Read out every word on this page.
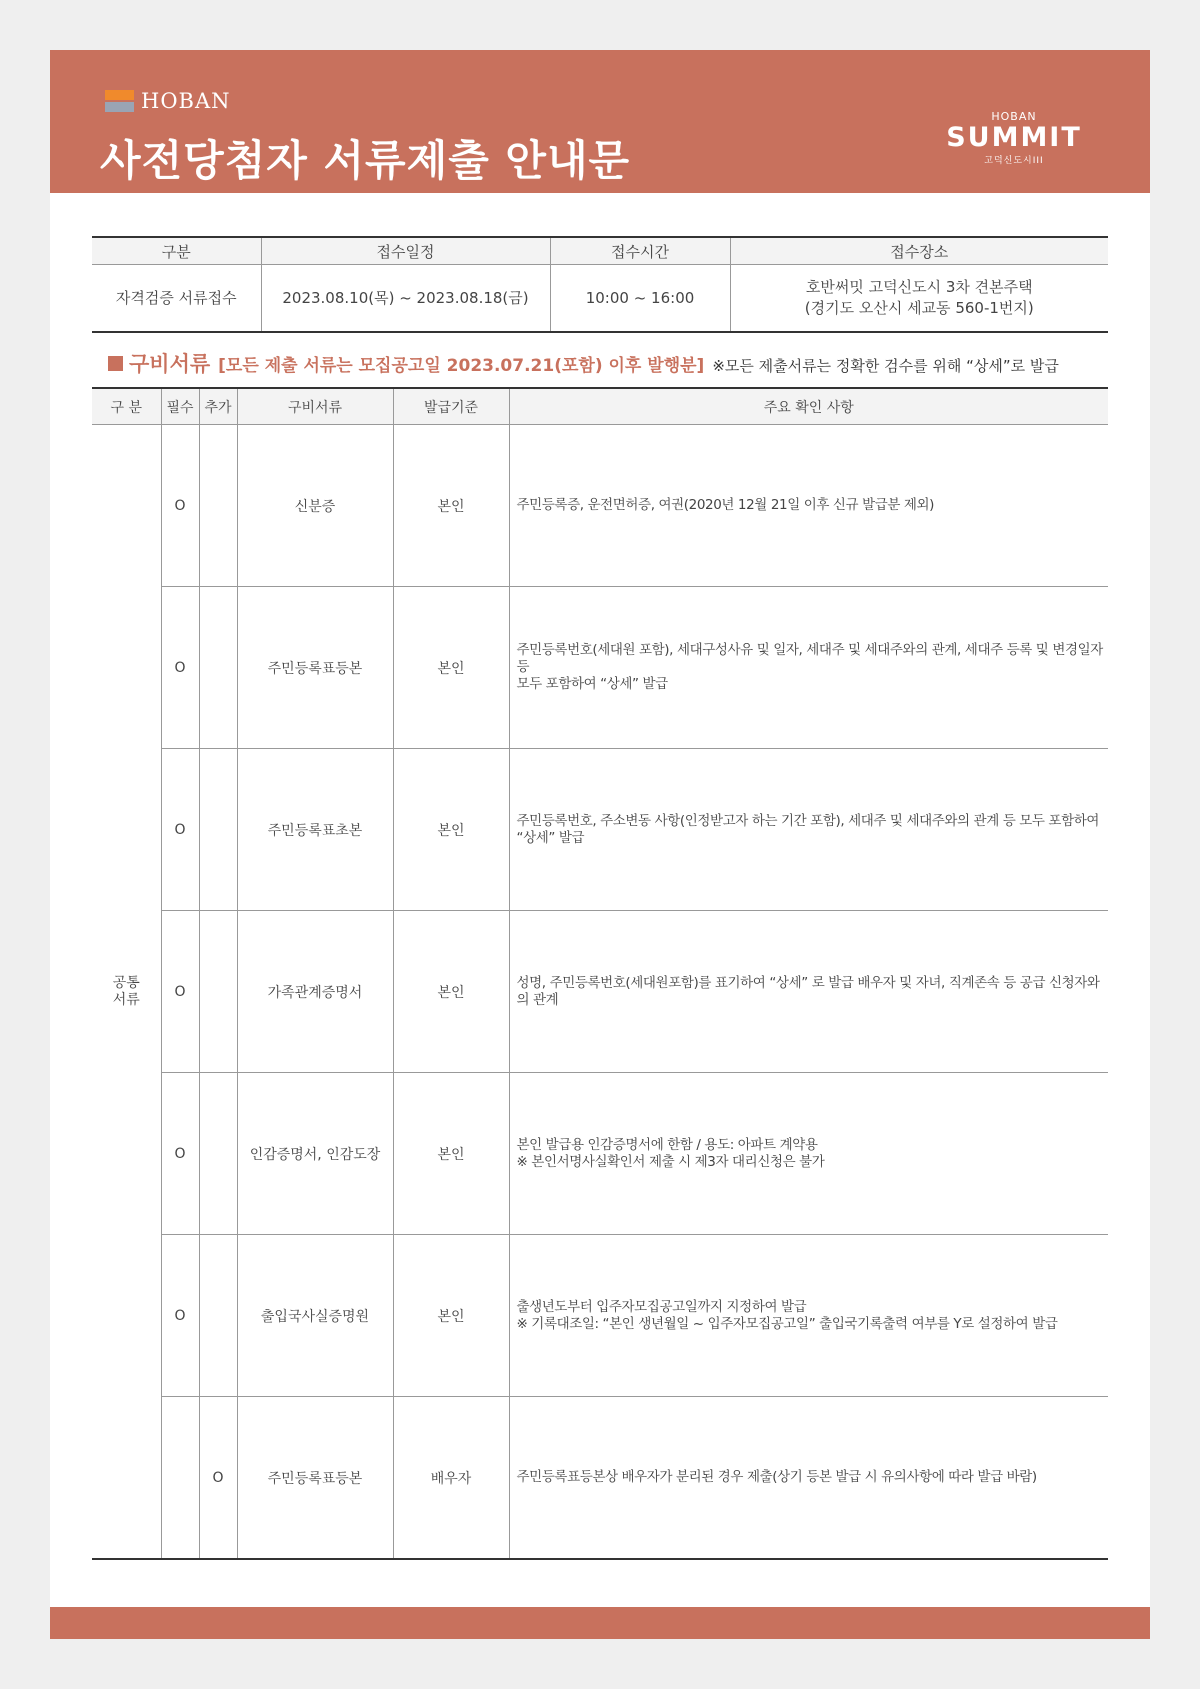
HOBAN
사전당첨자 서류제출 안내문
HOBAN
SUMMIT
고덕신도시III
구분	접수일정	접수시간	접수장소
자격검증 서류접수	2023.08.10(목) ~ 2023.08.18(금)	10:00 ~ 16:00	호반써밋 고덕신도시 3차 견본주택
(경기도 오산시 세교동 560-1번지)
구비서류 [모든 제출 서류는 모집공고일 2023.07.21(포함) 이후 발행분] ※모든 제출서류는 정확한 검수를 위해 “상세”로 발급
구 분	필수	추가	구비서류	발급기준	주요 확인 사항

공통
서류	O		신분증	본인	주민등록증, 운전면허증, 여권(2020년 12월 21일 이후 신규 발급분 제외)

	O		주민등록표등본	본인	주민등록번호(세대원 포함), 세대구성사유 및 일자, 세대주 및 세대주와의 관계, 세대주 등록 및 변경일자 등
모두 포함하여 “상세” 발급

	O		주민등록표초본	본인	주민등록번호, 주소변동 사항(인정받고자 하는 기간 포함), 세대주 및 세대주와의 관계 등 모두 포함하여 “상세” 발급

	O		가족관계증명서	본인	성명, 주민등록번호(세대원포함)를 표기하여 “상세” 로 발급 배우자 및 자녀, 직계존속 등 공급 신청자와의 관계

	O		인감증명서, 인감도장	본인	본인 발급용 인감증명서에 한함 / 용도: 아파트 계약용
※ 본인서명사실확인서 제출 시 제3자 대리신청은 불가

	O		출입국사실증명원	본인	출생년도부터 입주자모집공고일까지 지정하여 발급
※ 기록대조일: “본인 생년월일 ~ 입주자모집공고일” 출입국기록출력 여부를 Y로 설정하여 발급

		O	주민등록표등본	배우자	주민등록표등본상 배우자가 분리된 경우 제출(상기 등본 발급 시 유의사항에 따라 발급 바람)
